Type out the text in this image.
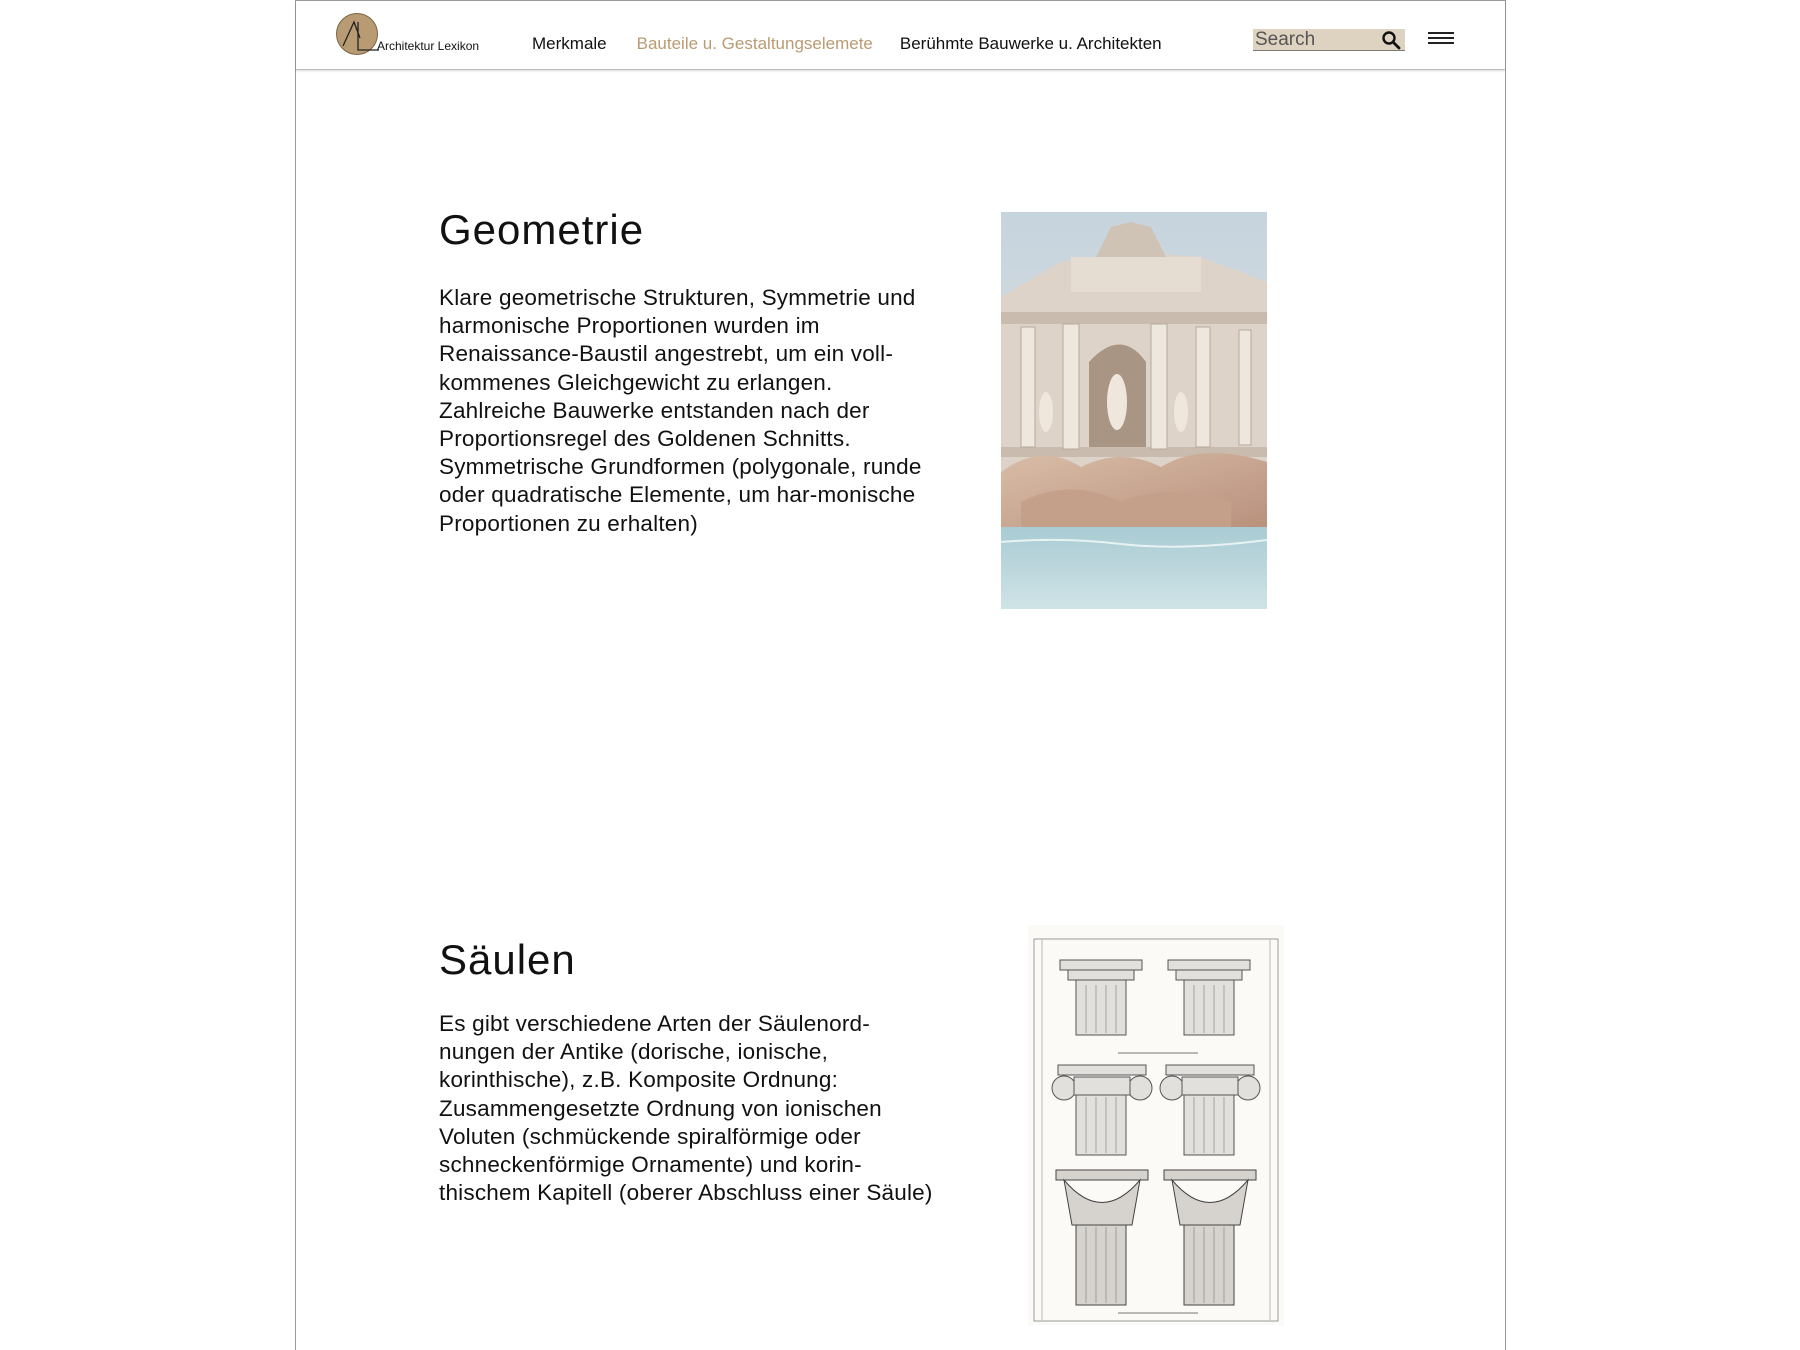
Architektur Lexikon	Merkmale Bauteile u. Gestaltungselemete Berühmte Bauwerke u. Architekten
Search
Geometrie

Klare geometrische Strukturen, Symmetrie und harmonische Proportionen wurden im Renaissance-Baustil angestrebt, um ein voll-kommenes Gleichgewicht zu erlangen. Zahlreiche Bauwerke entstanden nach der Proportionsregel des Goldenen Schnitts. Symmetrische Grundformen (polygonale, runde oder quadratische Elemente, um har-monische Proportionen zu erhalten)

Säulen

Es gibt verschiedene Arten der Säulenord-nungen der Antike (dorische, ionische, korinthische), z.B. Komposite Ordnung: Zusammengesetzte Ordnung von ionischen Voluten (schmückende spiralförmige oder schneckenförmige Ornamente) und korin-thischem Kapitell (oberer Abschluss einer Säule)
